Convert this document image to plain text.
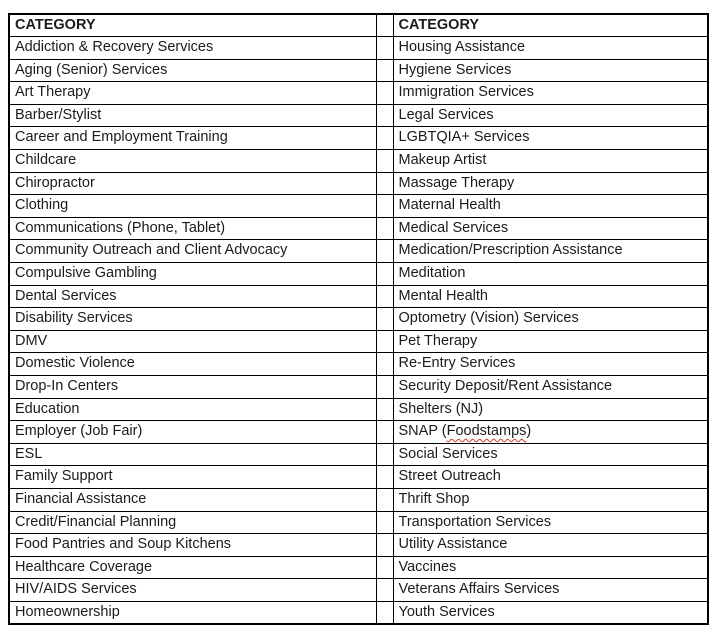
CATEGORY		CATEGORY
Addiction & Recovery Services		Housing Assistance
Aging (Senior) Services		Hygiene Services
Art Therapy		Immigration Services
Barber/Stylist		Legal Services
Career and Employment Training		LGBTQIA+ Services
Childcare		Makeup Artist
Chiropractor		Massage Therapy
Clothing		Maternal Health
Communications (Phone, Tablet)		Medical Services
Community Outreach and Client Advocacy		Medication/Prescription Assistance
Compulsive Gambling		Meditation
Dental Services		Mental Health
Disability Services		Optometry (Vision) Services
DMV		Pet Therapy
Domestic Violence		Re-Entry Services
Drop-In Centers		Security Deposit/Rent Assistance
Education		Shelters (NJ)
Employer (Job Fair)		SNAP (Foodstamps)
ESL		Social Services
Family Support		Street Outreach
Financial Assistance		Thrift Shop
Credit/Financial Planning		Transportation Services
Food Pantries and Soup Kitchens		Utility Assistance
Healthcare Coverage		Vaccines
HIV/AIDS Services		Veterans Affairs Services
Homeownership		Youth Services
